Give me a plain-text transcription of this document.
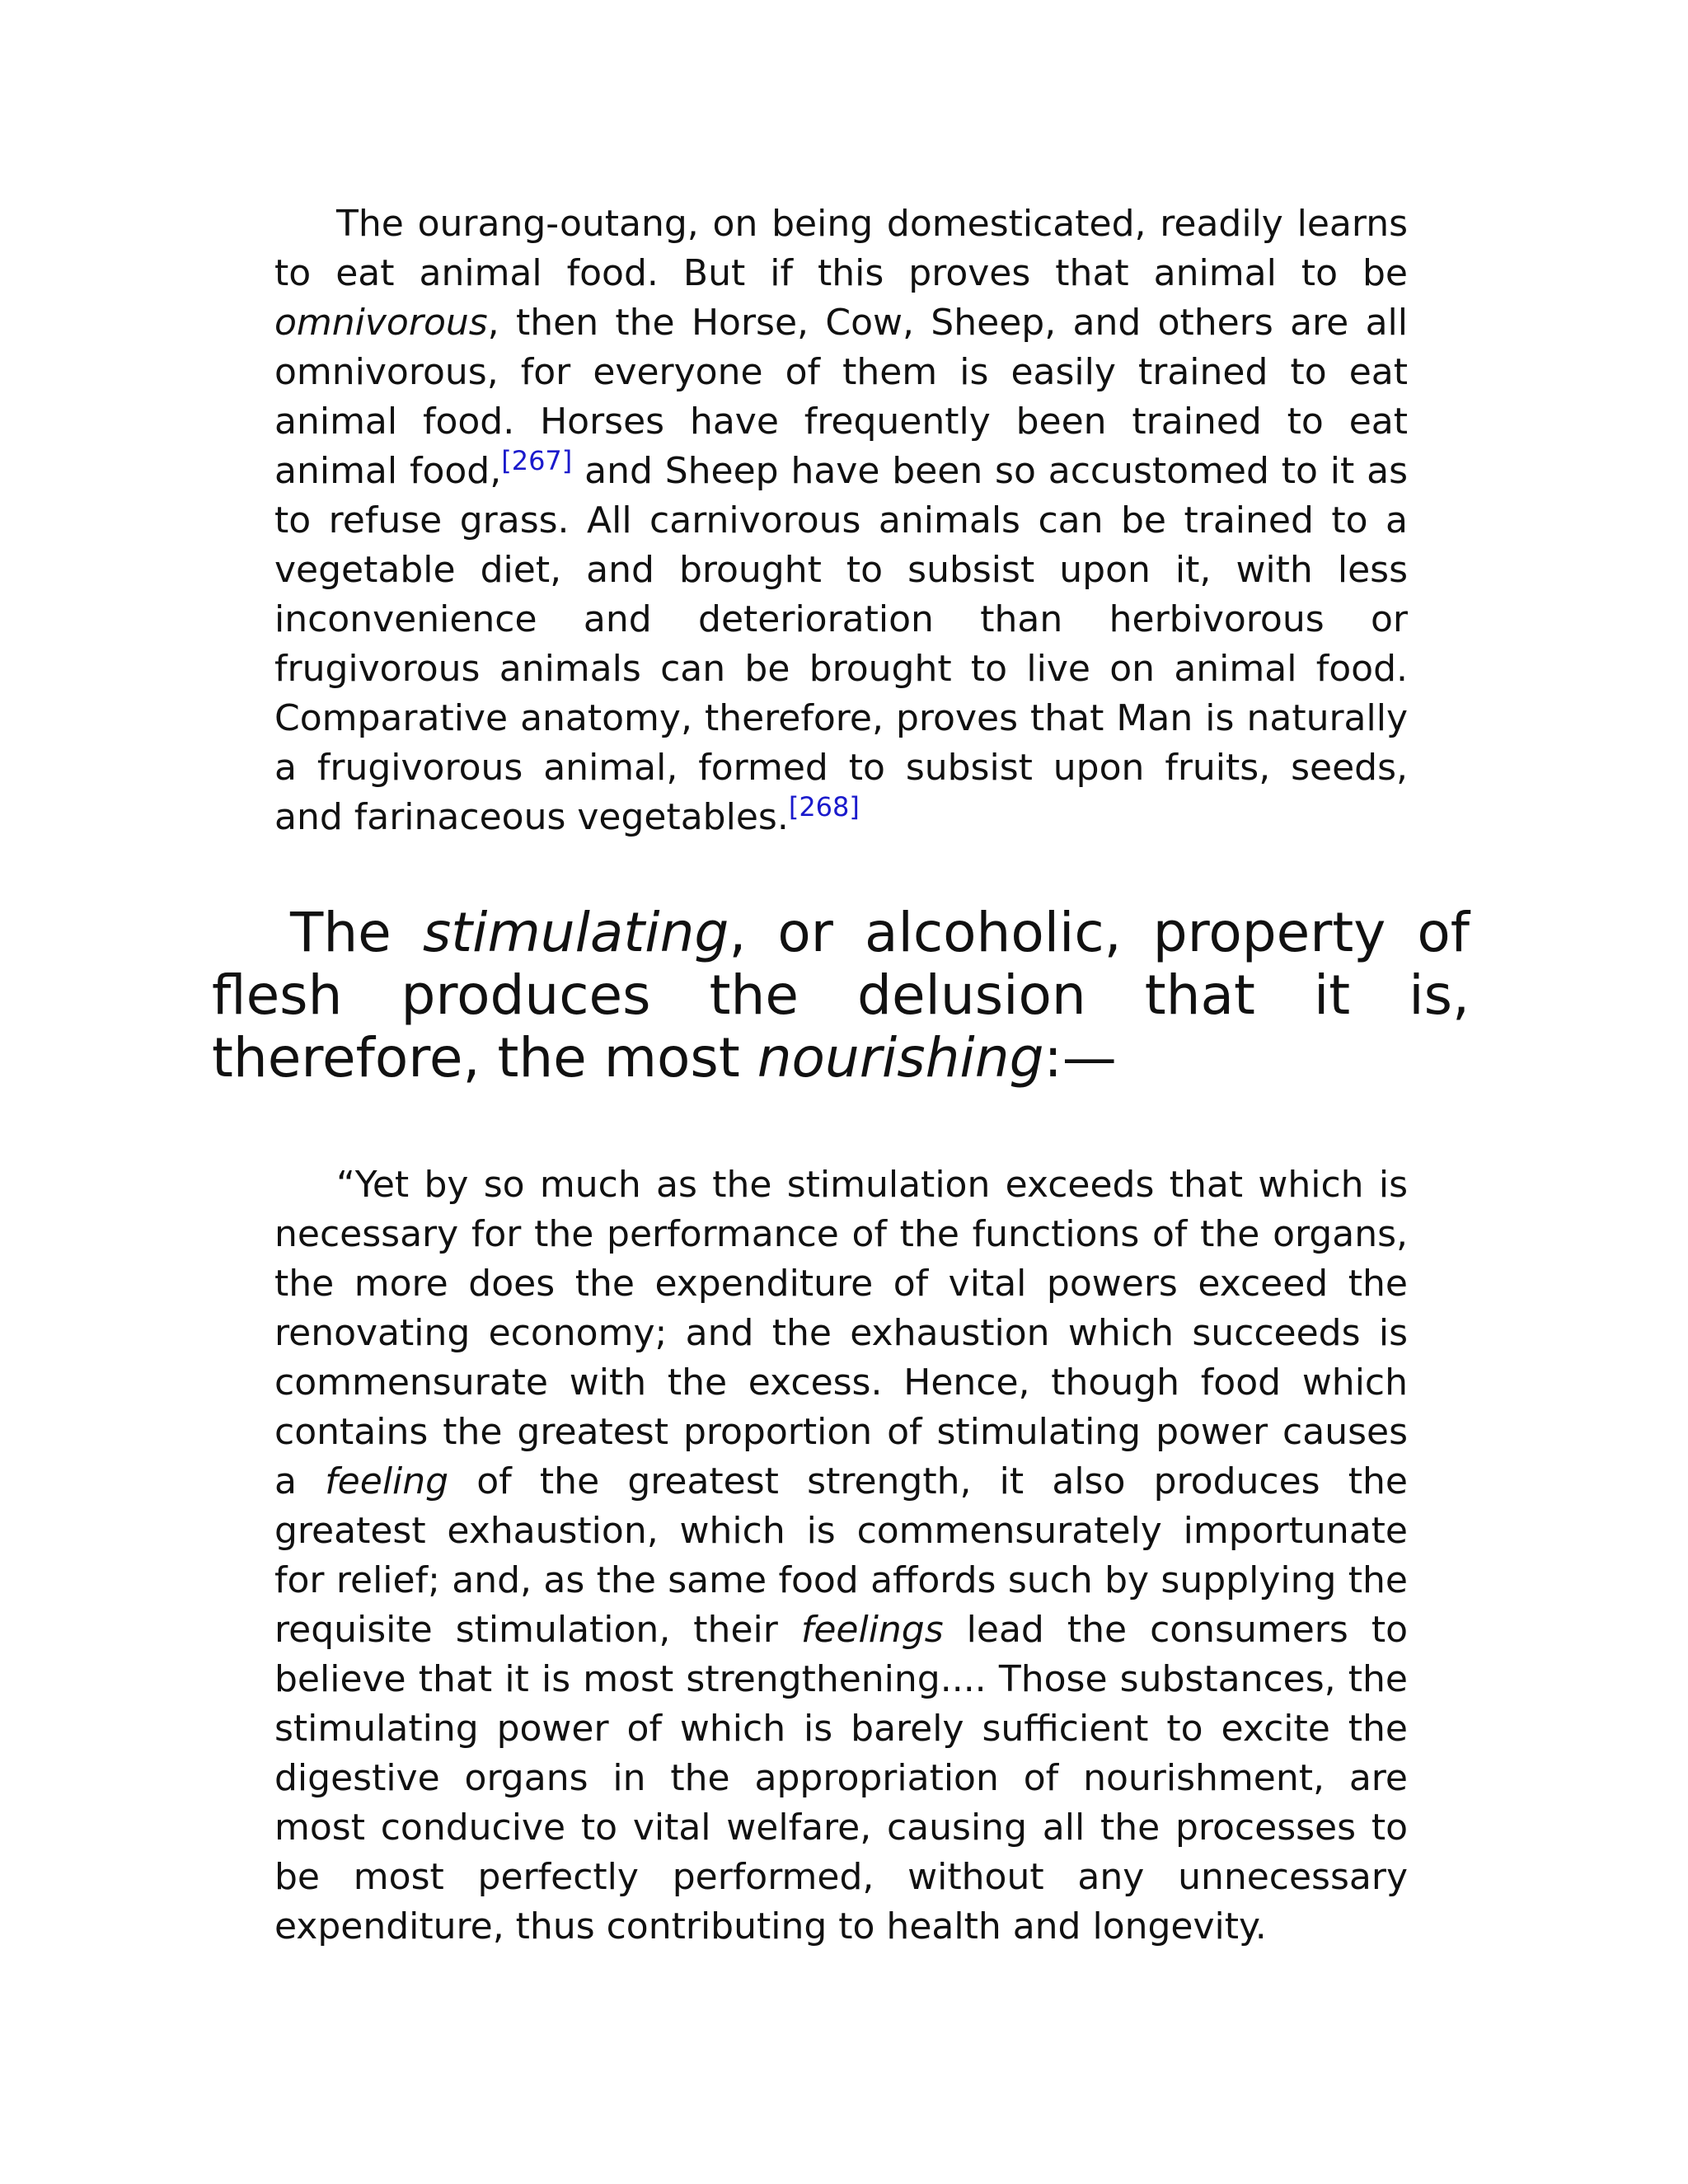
The ourang-outang, on being domesticated, readily learns to eat animal food. But if this proves that animal to be omnivorous, then the Horse, Cow, Sheep, and others are all omnivorous, for everyone of them is easily trained to eat animal food. Horses have frequently been trained to eat animal food,[267] and Sheep have been so accustomed to it as to refuse grass. All carnivorous animals can be trained to a vegetable diet, and brought to subsist upon it, with less inconvenience and deterioration than herbivorous or frugivorous animals can be brought to live on animal food. Comparative anatomy, therefore, proves that Man is naturally a frugivorous animal, formed to subsist upon fruits, seeds, and farinaceous vegetables.[268]

The stimulating, or alcoholic, property of flesh produces the delusion that it is, therefore, the most nourishing:—

“Yet by so much as the stimulation exceeds that which is necessary for the performance of the functions of the organs, the more does the expenditure of vital powers exceed the renovating economy; and the exhaustion which succeeds is commensurate with the excess. Hence, though food which contains the greatest proportion of stimulating power causes a feeling of the greatest strength, it also produces the greatest exhaustion, which is commensurately importunate for relief; and, as the same food affords such by supplying the requisite stimulation, their feelings lead the consumers to believe that it is most strengthening.... Those substances, the stimulating power of which is barely sufficient to excite the digestive organs in the appropriation of nourishment, are most conducive to vital welfare, causing all the processes to be most perfectly performed, without any unnecessary expenditure, thus contributing to health and longevity.
